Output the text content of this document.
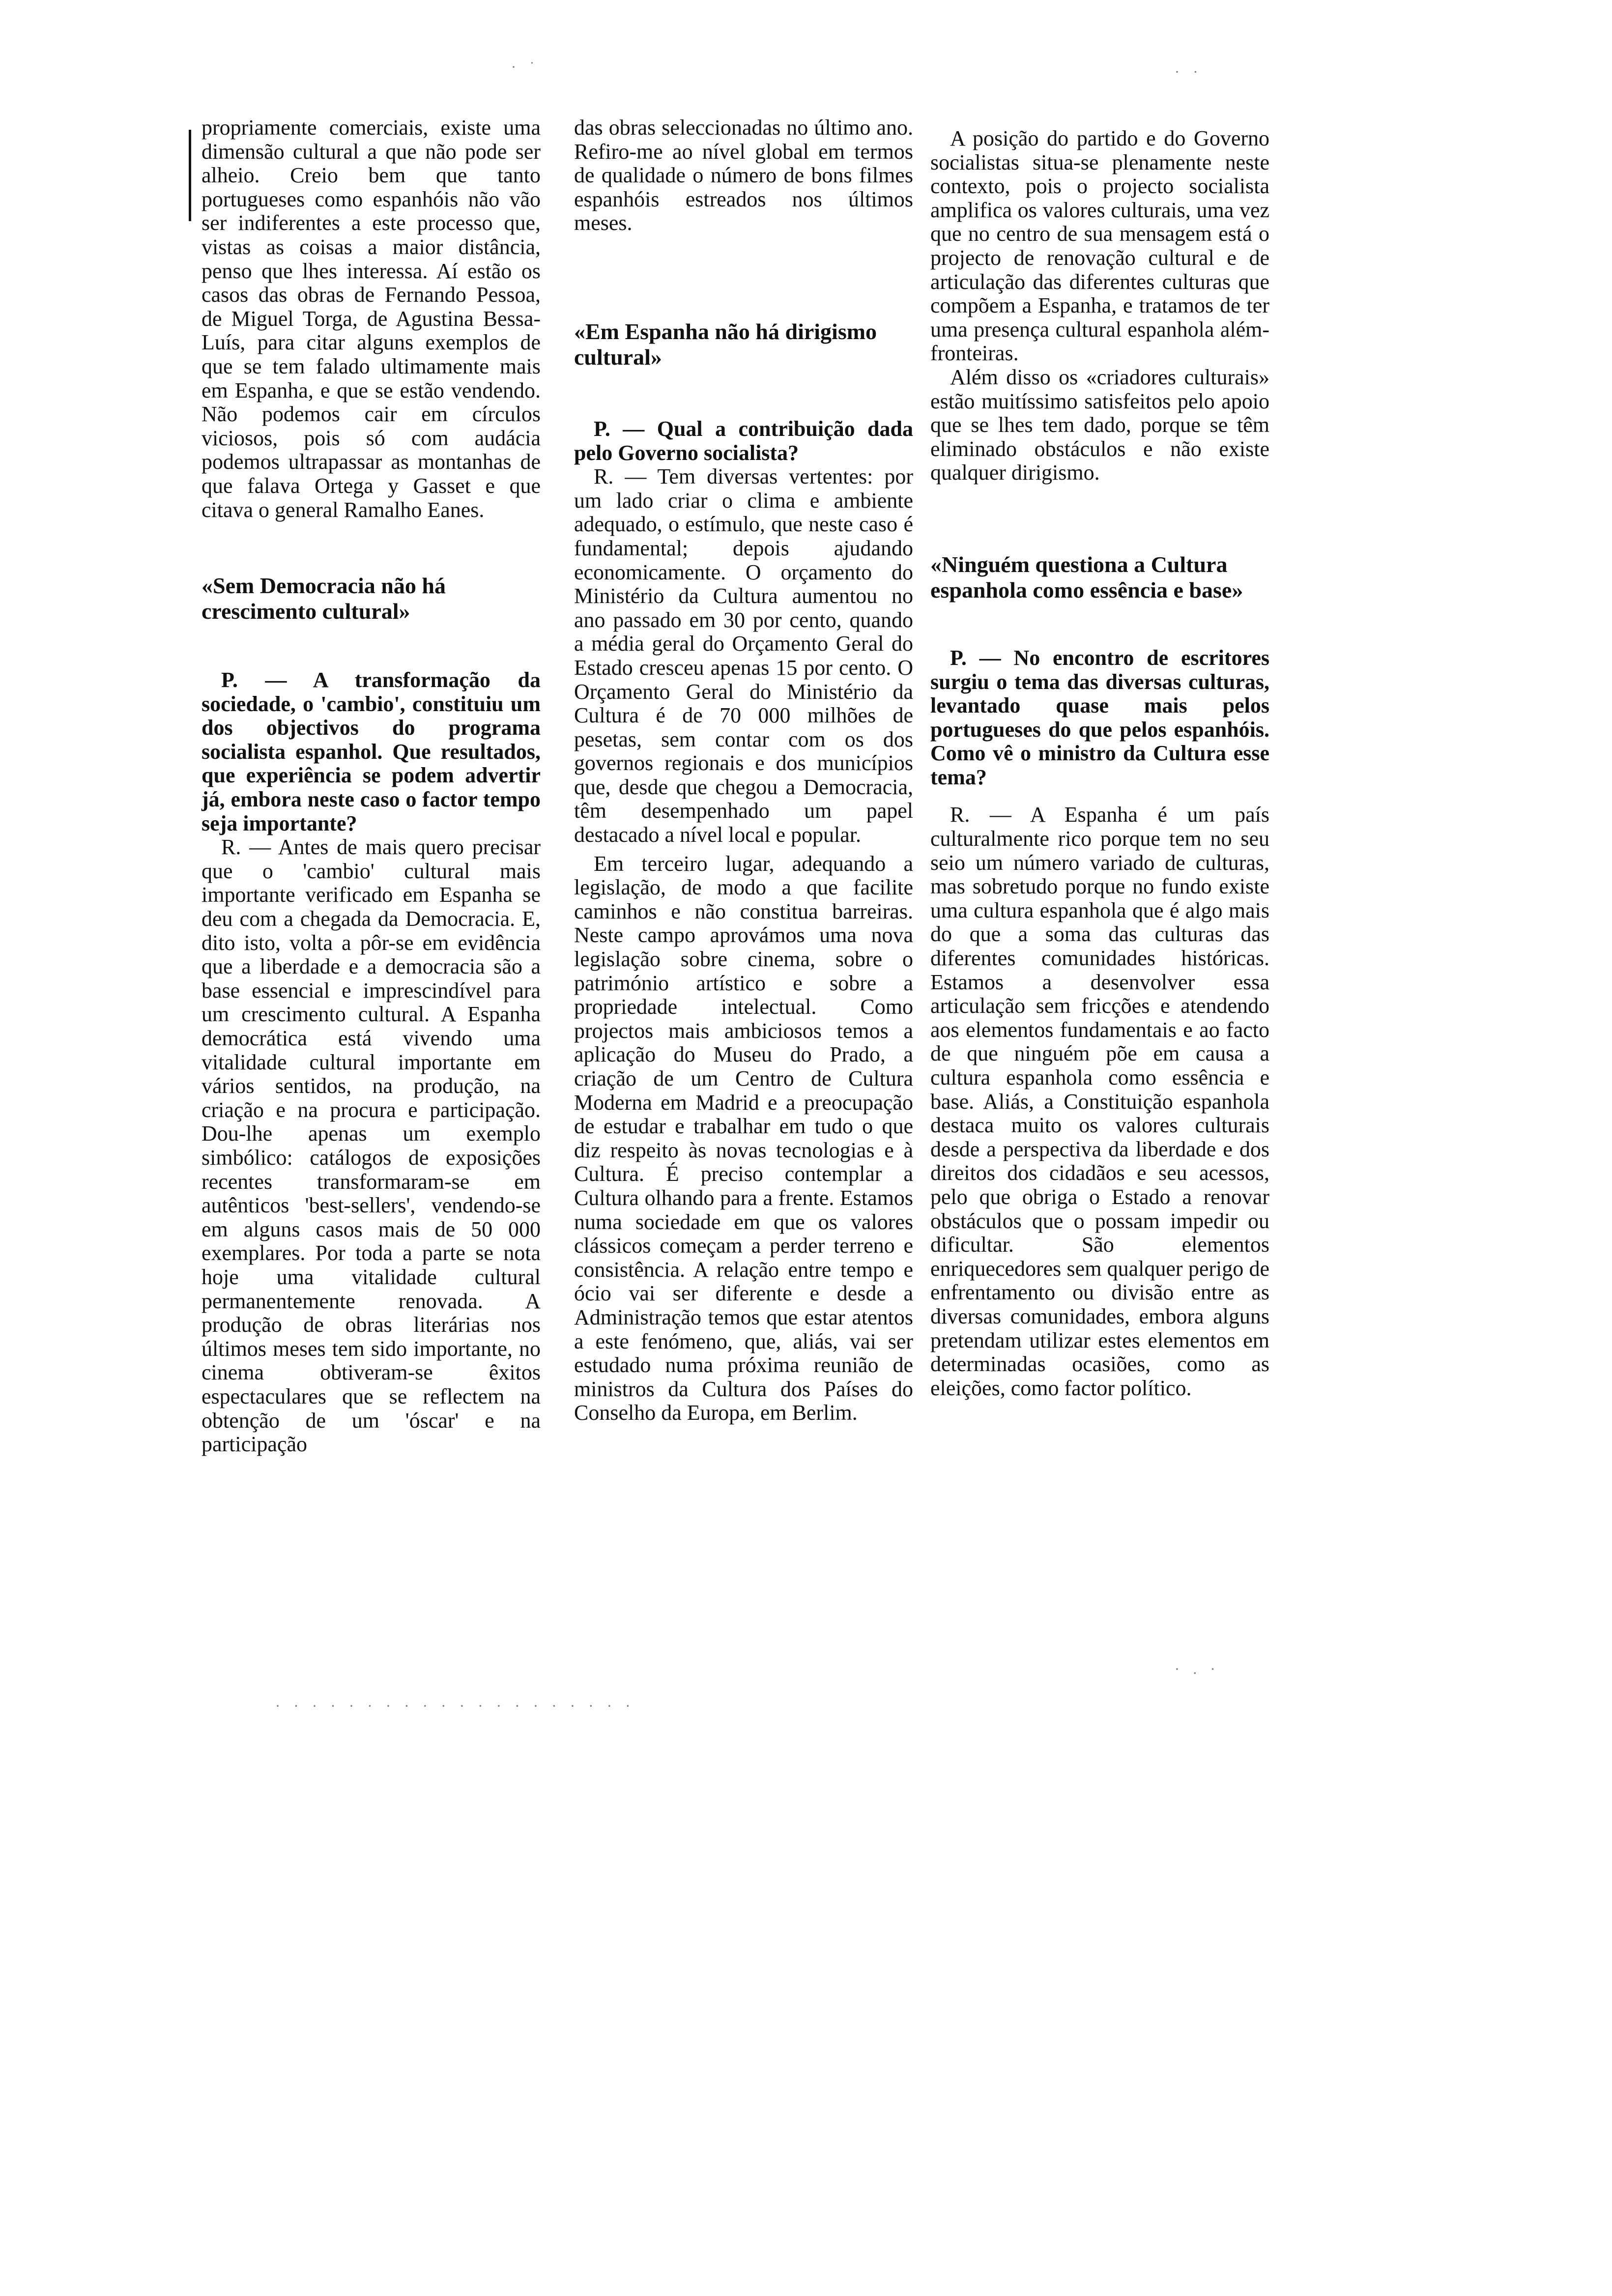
propriamente comerciais, existe uma dimensão cultural a que não pode ser alheio. Creio bem que tanto portugueses como espanhóis não vão ser indiferentes a este processo que, vistas as coisas a maior distância, penso que lhes interessa. Aí estão os casos das obras de Fernando Pessoa, de Miguel Torga, de Agustina Bessa-Luís, para citar alguns exemplos de que se tem falado ultimamente mais em Espanha, e que se estão vendendo. Não podemos cair em círculos viciosos, pois só com audácia podemos ultrapassar as montanhas de que falava Ortega y Gasset e que citava o general Ramalho Eanes.

«Sem Democracia não há crescimento cultural»

P. — A transformação da sociedade, o 'cambio', constituiu um dos objectivos do programa socialista espanhol. Que resultados, que experiência se podem advertir já, embora neste caso o factor tempo seja importante?

R. — Antes de mais quero precisar que o 'cambio' cultural mais importante verificado em Espanha se deu com a chegada da Democracia. E, dito isto, volta a pôr-se em evidência que a liberdade e a democracia são a base essencial e imprescindível para um crescimento cultural. A Espanha democrática está vivendo uma vitalidade cultural importante em vários sentidos, na produção, na criação e na procura e participação. Dou-lhe apenas um exemplo simbólico: catálogos de exposições recentes transformaram-se em autênticos 'best-sellers', vendendo-se em alguns casos mais de 50 000 exemplares. Por toda a parte se nota hoje uma vitalidade cultural permanentemente renovada. A produção de obras literárias nos últimos meses tem sido importante, no cinema obtiveram-se êxitos espectaculares que se reflectem na obtenção de um 'óscar' e na participação

das obras seleccionadas no último ano. Refiro-me ao nível global em termos de qualidade o número de bons filmes espanhóis estreados nos últimos meses.

«Em Espanha não há dirigismo cultural»

P. — Qual a contribuição dada pelo Governo socialista?

R. — Tem diversas vertentes: por um lado criar o clima e ambiente adequado, o estímulo, que neste caso é fundamental; depois ajudando economicamente. O orçamento do Ministério da Cultura aumentou no ano passado em 30 por cento, quando a média geral do Orçamento Geral do Estado cresceu apenas 15 por cento. O Orçamento Geral do Ministério da Cultura é de 70 000 milhões de pesetas, sem contar com os dos governos regionais e dos municípios que, desde que chegou a Democracia, têm desempenhado um papel destacado a nível local e popular.

Em terceiro lugar, adequando a legislação, de modo a que facilite caminhos e não constitua barreiras. Neste campo aprovámos uma nova legislação sobre cinema, sobre o património artístico e sobre a propriedade intelectual. Como projectos mais ambiciosos temos a aplicação do Museu do Prado, a criação de um Centro de Cultura Moderna em Madrid e a preocupação de estudar e trabalhar em tudo o que diz respeito às novas tecnologias e à Cultura. É preciso contemplar a Cultura olhando para a frente. Estamos numa sociedade em que os valores clássicos começam a perder terreno e consistência. A relação entre tempo e ócio vai ser diferente e desde a Administração temos que estar atentos a este fenómeno, que, aliás, vai ser estudado numa próxima reunião de ministros da Cultura dos Países do Conselho da Europa, em Berlim.

A posição do partido e do Governo socialistas situa-se plenamente neste contexto, pois o projecto socialista amplifica os valores culturais, uma vez que no centro de sua mensagem está o projecto de renovação cultural e de articulação das diferentes culturas que compõem a Espanha, e tratamos de ter uma presença cultural espanhola além-fronteiras.

Além disso os «criadores culturais» estão muitíssimo satisfeitos pelo apoio que se lhes tem dado, porque se têm eliminado obstáculos e não existe qualquer dirigismo.

«Ninguém questiona a Cultura espanhola como essência e base»

P. — No encontro de escritores surgiu o tema das diversas culturas, levantado quase mais pelos portugueses do que pelos espanhóis. Como vê o ministro da Cultura esse tema?

R. — A Espanha é um país culturalmente rico porque tem no seu seio um número variado de culturas, mas sobretudo porque no fundo existe uma cultura espanhola que é algo mais do que a soma das culturas das diferentes comunidades históricas. Estamos a desenvolver essa articulação sem fricções e atendendo aos elementos fundamentais e ao facto de que ninguém põe em causa a cultura espanhola como essência e base. Aliás, a Constituição espanhola destaca muito os valores culturais desde a perspectiva da liberdade e dos direitos dos cidadãos e seu acessos, pelo que obriga o Estado a renovar obstáculos que o possam impedir ou dificultar. São elementos enriquecedores sem qualquer perigo de enfrentamento ou divisão entre as diversas comunidades, embora alguns pretendam utilizar estes elementos em determinadas ocasiões, como as eleições, como factor político.

· ˙	· ·
· . ·
· · · · · · · · · · · · · · · · · · · ·
